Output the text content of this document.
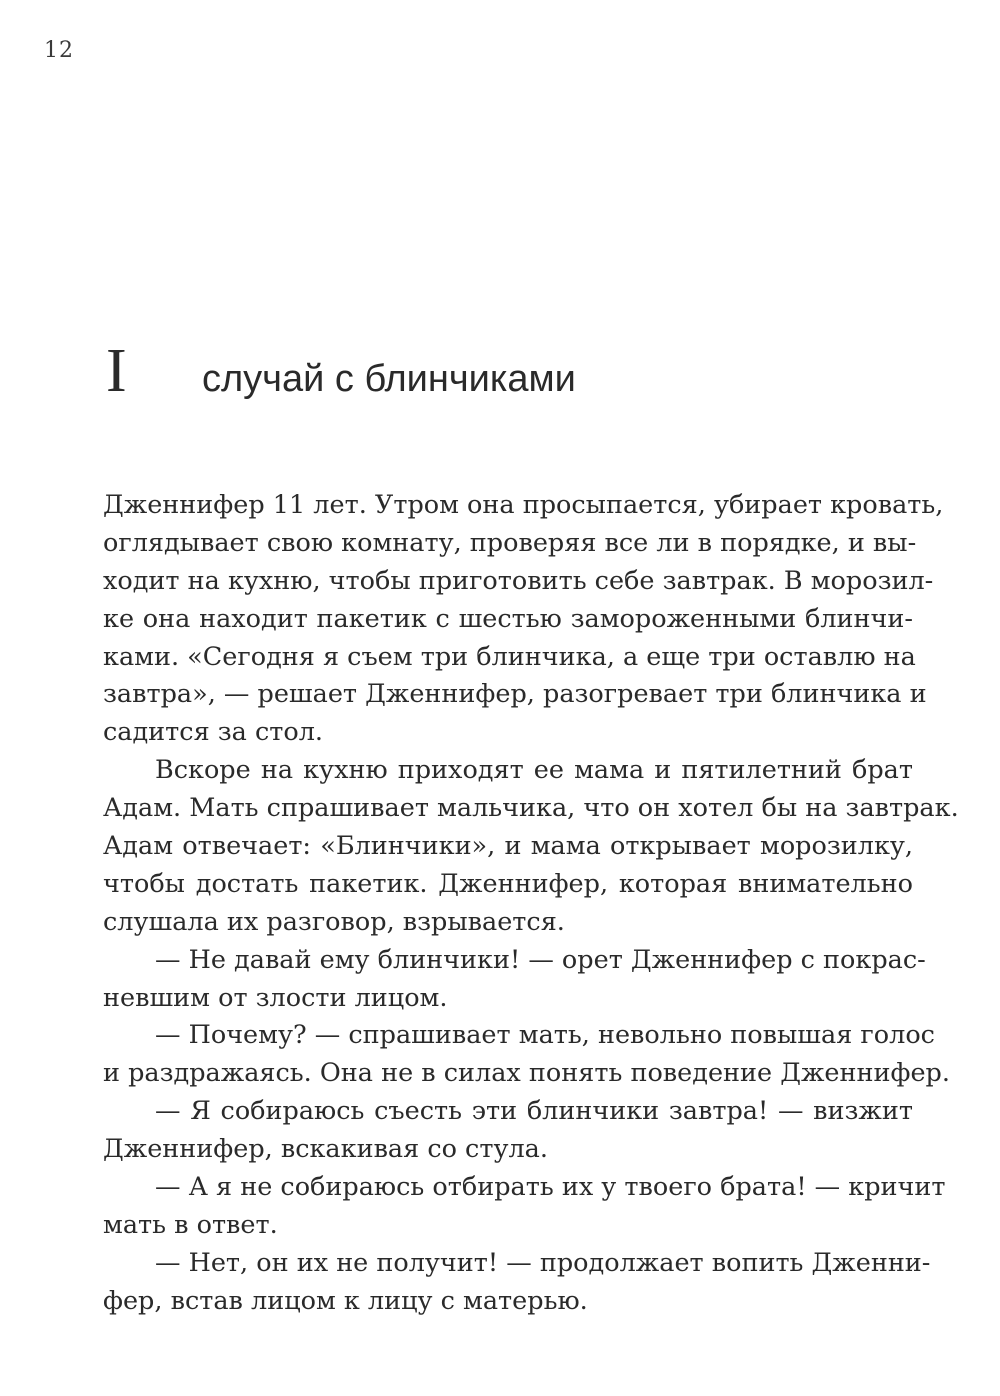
12
I	случай с блинчиками
Дженнифер 11 лет. Утром она просыпается, убирает кровать,
оглядывает свою комнату, проверяя все ли в порядке, и вы-
ходит на кухню, чтобы приготовить себе завтрак. В морозил-
ке она находит пакетик с шестью замороженными блинчи-
ками. «Сегодня я съем три блинчика, а еще три оставлю на
завтра», — решает Дженнифер, разогревает три блинчика и
садится за стол.
Вскоре на кухню приходят ее мама и пятилетний брат
Адам. Мать спрашивает мальчика, что он хотел бы на завтрак.
Адам отвечает: «Блинчики», и мама открывает морозилку,
чтобы достать пакетик. Дженнифер, которая внимательно
слушала их разговор, взрывается.
— Не давай ему блинчики! — орет Дженнифер с покрас-
невшим от злости лицом.
— Почему? — спрашивает мать, невольно повышая голос
и раздражаясь. Она не в силах понять поведение Дженнифер.
— Я собираюсь съесть эти блинчики завтра! — визжит
Дженнифер, вскакивая со стула.
— А я не собираюсь отбирать их у твоего брата! — кричит
мать в ответ.
— Нет, он их не получит! — продолжает вопить Дженни-
фер, встав лицом к лицу с матерью.
